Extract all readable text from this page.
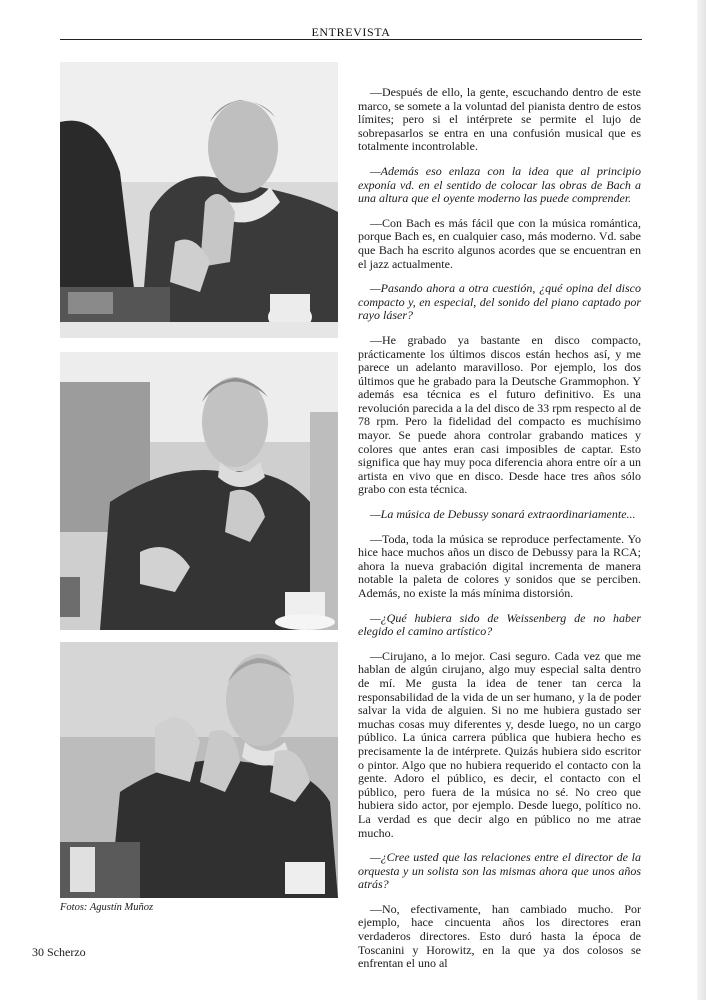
ENTREVISTA
Fotos: Agustín Muñoz

—Después de ello, la gente, escuchando dentro de este marco, se somete a la voluntad del pianista dentro de estos límites; pero si el intérprete se permite el lujo de sobrepasarlos se entra en una confusión musical que es totalmente incontrolable.

—Además eso enlaza con la idea que al principio exponía vd. en el sentido de colocar las obras de Bach a una altura que el oyente moderno las puede comprender.

—Con Bach es más fácil que con la música romántica, porque Bach es, en cualquier caso, más moderno. Vd. sabe que Bach ha escrito algunos acordes que se encuentran en el jazz actualmente.

—Pasando ahora a otra cuestión, ¿qué opina del disco compacto y, en especial, del sonido del piano captado por rayo láser?

—He grabado ya bastante en disco compacto, prácticamente los últimos discos están hechos así, y me parece un adelanto maravilloso. Por ejemplo, los dos últimos que he grabado para la Deutsche Grammophon. Y además esa técnica es el futuro definitivo. Es una revolución parecida a la del disco de 33 rpm respecto al de 78 rpm. Pero la fidelidad del compacto es muchísimo mayor. Se puede ahora controlar grabando matices y colores que antes eran casi imposibles de captar. Esto significa que hay muy poca diferencia ahora entre oír a un artista en vivo que en disco. Desde hace tres años sólo grabo con esta técnica.

—La música de Debussy sonará extraordinariamente...

—Toda, toda la música se reproduce perfectamente. Yo hice hace muchos años un disco de Debussy para la RCA; ahora la nueva grabación digital incrementa de manera notable la paleta de colores y sonidos que se perciben. Además, no existe la más mínima distorsión.

—¿Qué hubiera sido de Weissenberg de no haber elegido el camino artístico?

—Cirujano, a lo mejor. Casi seguro. Cada vez que me hablan de algún cirujano, algo muy especial salta dentro de mí. Me gusta la idea de tener tan cerca la responsabilidad de la vida de un ser humano, y la de poder salvar la vida de alguien. Si no me hubiera gustado ser muchas cosas muy diferentes y, desde luego, no un cargo público. La única carrera pública que hubiera hecho es precisamente la de intérprete. Quizás hubiera sido escritor o pintor. Algo que no hubiera requerido el contacto con la gente. Adoro el público, es decir, el contacto con el público, pero fuera de la música no sé. No creo que hubiera sido actor, por ejemplo. Desde luego, político no. La verdad es que decir algo en público no me atrae mucho.

—¿Cree usted que las relaciones entre el director de la orquesta y un solista son las mismas ahora que unos años atrás?

—No, efectivamente, han cambiado mucho. Por ejemplo, hace cincuenta años los directores eran verdaderos directores. Esto duró hasta la época de Toscanini y Horowitz, en la que ya dos colosos se enfrentan el uno al

30 Scherzo
